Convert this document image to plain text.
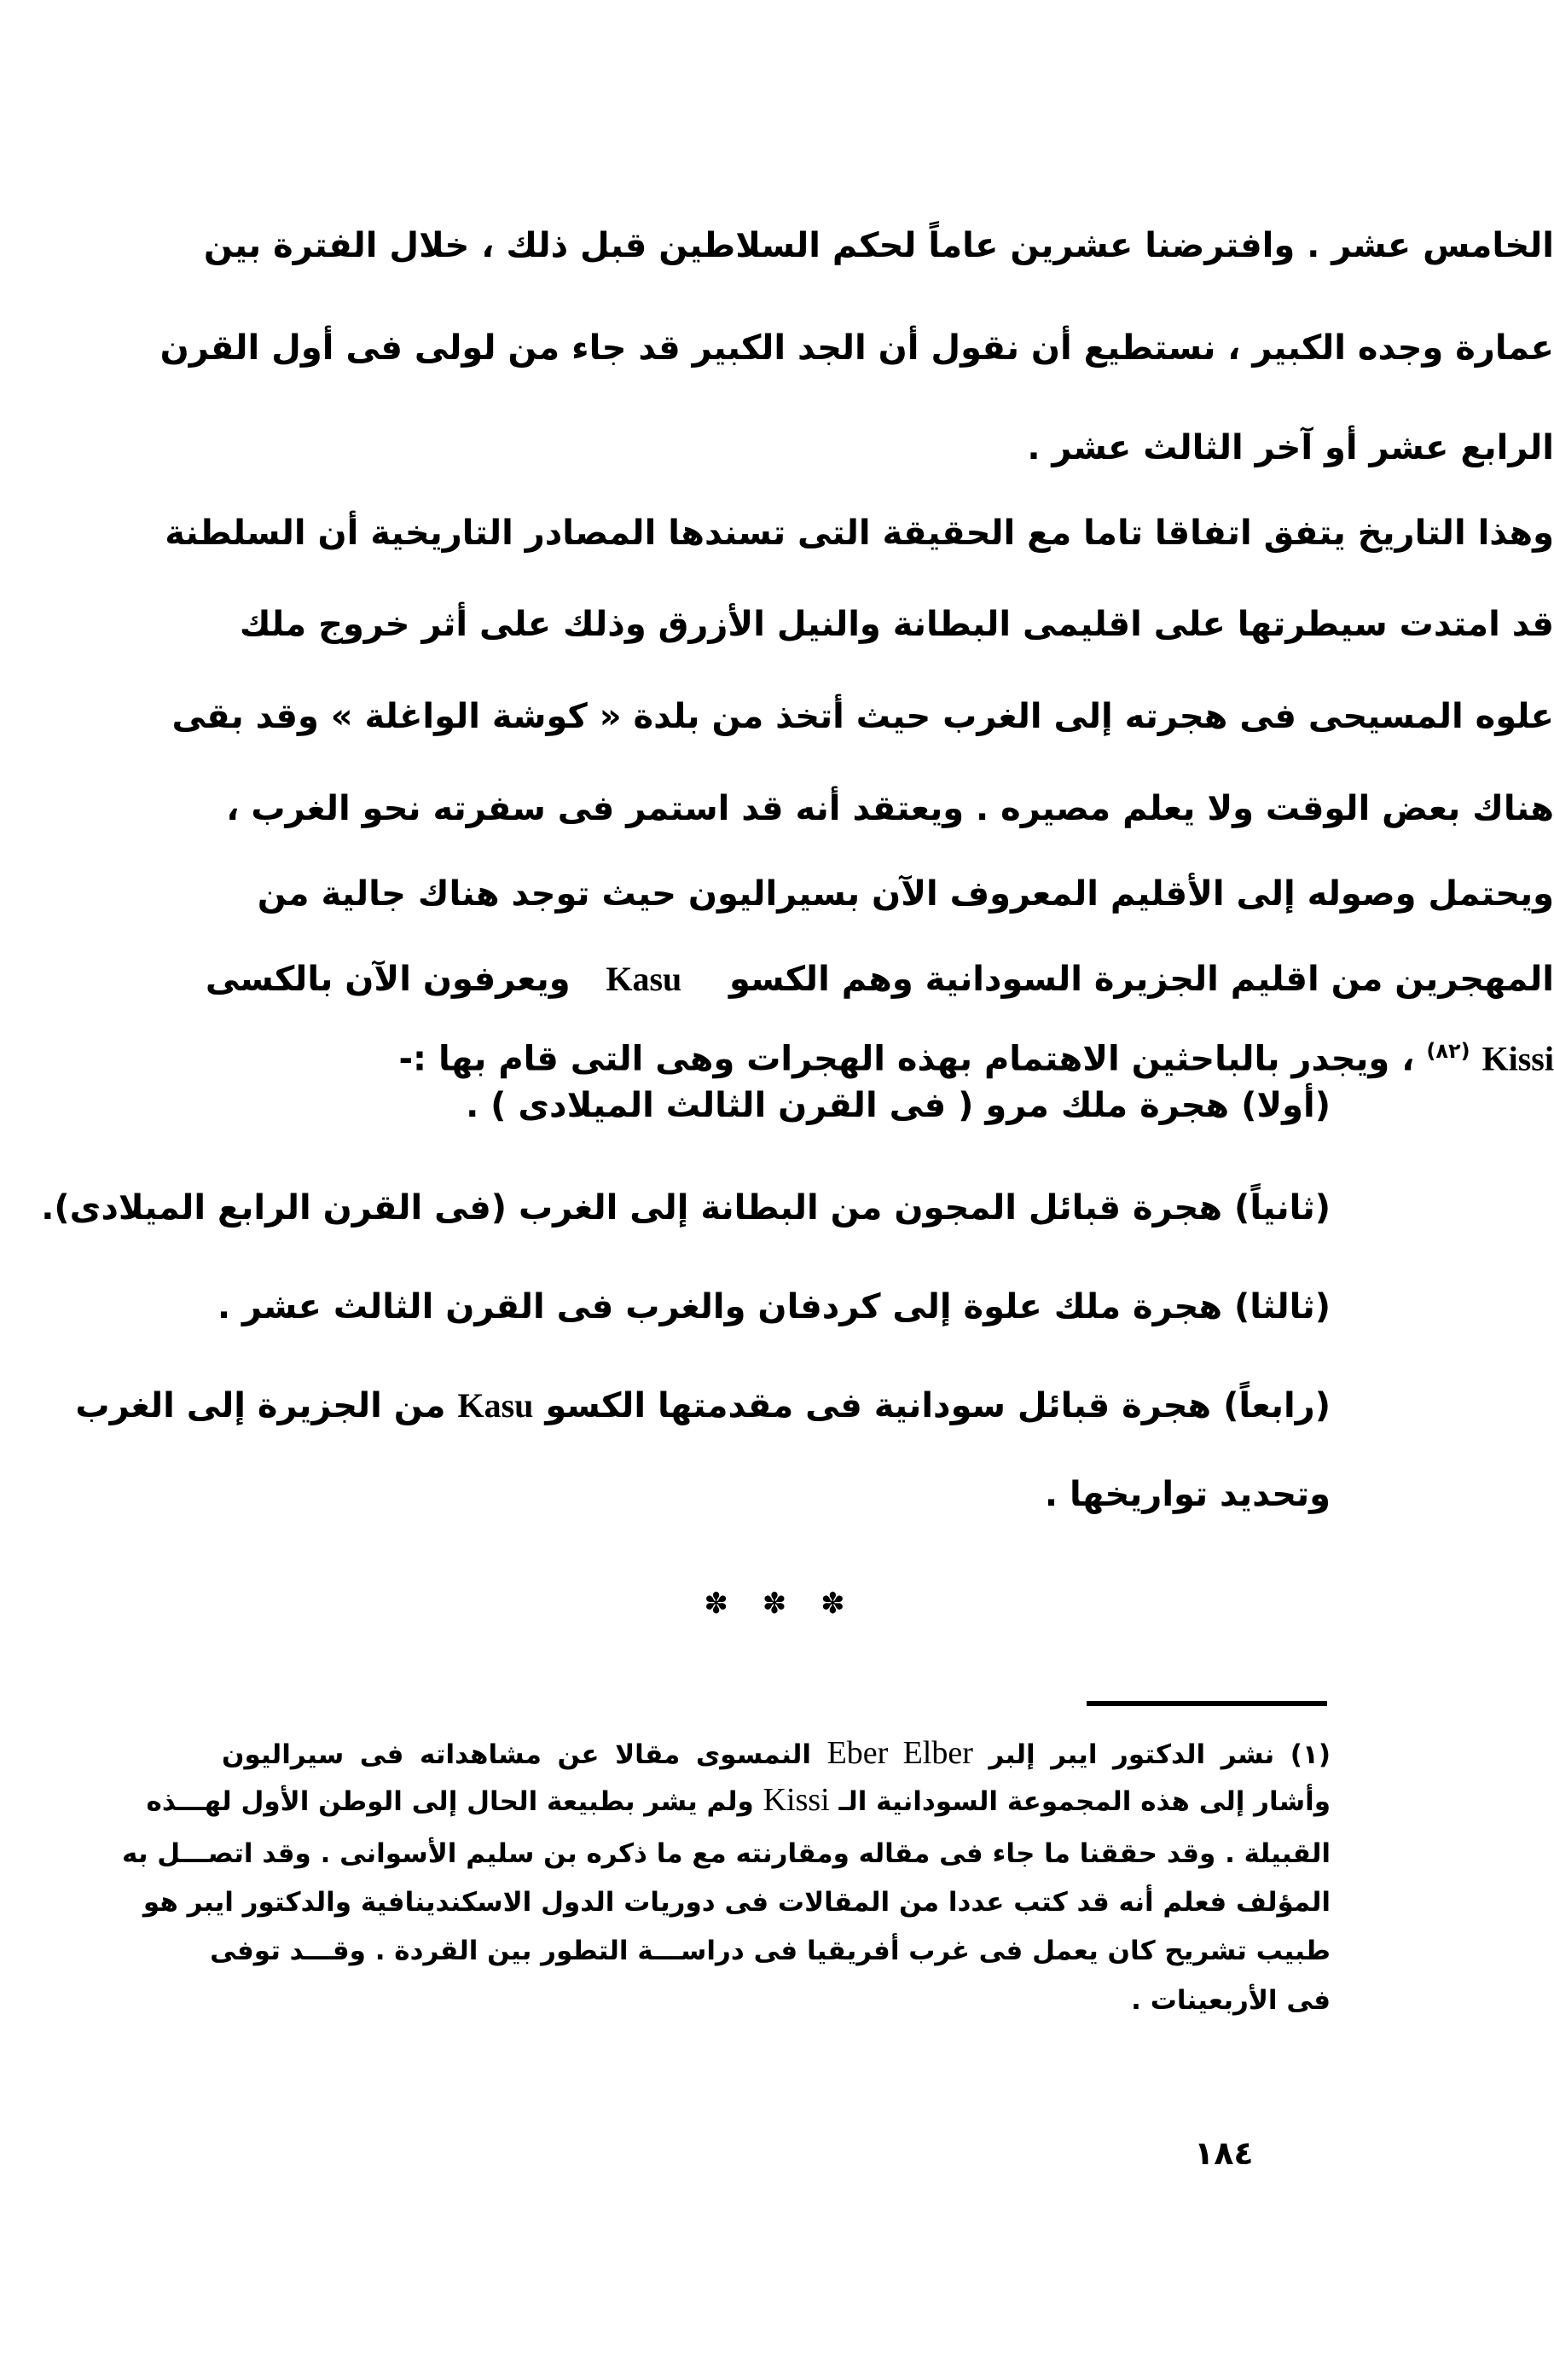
الخامس عشر . وافترضنا عشرين عاماً لحكم السلاطين قبل ذلك ، خلال الفترة بين
عمارة وجده الكبير ، نستطيع أن نقول أن الجد الكبير قد جاء من لولى فى أول القرن
الرابع عشر أو آخر الثالث عشر .
وهذا التاريخ يتفق اتفاقا تاما مع الحقيقة التى تسندها المصادر التاريخية أن السلطنة
قد امتدت سيطرتها على اقليمى البطانة والنيل الأزرق وذلك على أثر خروج ملك
علوه المسيحى فى هجرته إلى الغرب حيث أتخذ من بلدة « كوشة الواغلة » وقد بقى
هناك بعض الوقت ولا يعلم مصيره . ويعتقد أنه قد استمر فى سفرته نحو الغرب ،
ويحتمل وصوله إلى الأقليم المعروف الآن بسيراليون حيث توجد هناك جالية من
المهجرين من اقليم الجزيرة السودانية وهم الكسو    Kasu   ويعرفون الآن بالكسى
Kissi $^{(٨٢)}$ ، ويجدر بالباحثين الاهتمام بهذه الهجرات وهى التى قام بها :-
(أولا) هجرة ملك مرو ( فى القرن الثالث الميلادى ) .
(ثانياً) هجرة قبائل المجون من البطانة إلى الغرب (فى القرن الرابع الميلادى).
(ثالثا) هجرة ملك علوة إلى كردفان والغرب فى القرن الثالث عشر .
(رابعاً) هجرة قبائل سودانية فى مقدمتها الكسو Kasu من الجزيرة إلى الغرب
وتحديد تواريخها .
✽ ✽ ✽
(١) نشر الدكتور ايبر إلبر Eber Elber النمسوى مقالا عن مشاهداته فى سيراليون
وأشار إلى هذه المجموعة السودانية الـ Kissi ولم يشر بطبيعة الحال إلى الوطن الأول لهـــذه
القبيلة . وقد حققنا ما جاء فى مقاله ومقارنته مع ما ذكره بن سليم الأسوانى . وقد اتصـــل به
المؤلف فعلم أنه قد كتب عددا من المقالات فى دوريات الدول الاسكندينافية والدكتور ايبر هو
طبيب تشريح كان يعمل فى غرب أفريقيا فى دراســـة التطور بين القردة . وقـــد توفى
فى الأربعينات .
١٨٤
